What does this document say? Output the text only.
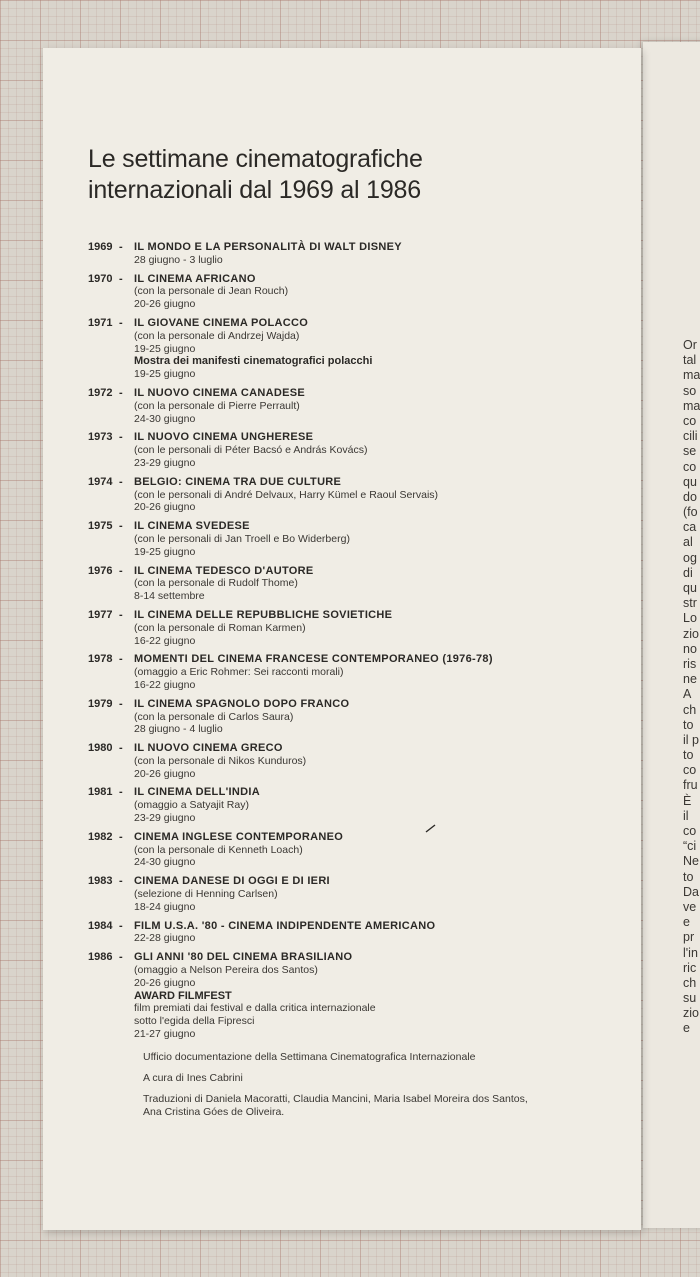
Or
tal
ma
so
ma
co
cili
se
co
qu
do
(fo
ca
al
og
di
qu
str
Lo
zio
no
ris
ne
A
ch
to
il p
to
co
fru
È
il
co
“ci
Ne
to
Da
ve
e
pr
l'in
ric
ch
su
zio
e
Le settimane cinematografiche
internazionali dal 1969 al 1986
1969 -	IL MONDO E LA PERSONALITÀ DI WALT DISNEY
28 giugno - 3 luglio
1970 -	IL CINEMA AFRICANO
(con la personale di Jean Rouch)
20-26 giugno
1971 -	IL GIOVANE CINEMA POLACCO
(con la personale di Andrzej Wajda)
19-25 giugno
Mostra dei manifesti cinematografici polacchi
19-25 giugno
1972 -	IL NUOVO CINEMA CANADESE
(con la personale di Pierre Perrault)
24-30 giugno
1973 -	IL NUOVO CINEMA UNGHERESE
(con le personali di Péter Bacsó e András Kovács)
23-29 giugno
1974 -	BELGIO: CINEMA TRA DUE CULTURE
(con le personali di André Delvaux, Harry Kümel e Raoul Servais)
20-26 giugno
1975 -	IL CINEMA SVEDESE
(con le personali di Jan Troell e Bo Widerberg)
19-25 giugno
1976 -	IL CINEMA TEDESCO D'AUTORE
(con la personale di Rudolf Thome)
8-14 settembre
1977 -	IL CINEMA DELLE REPUBBLICHE SOVIETICHE
(con la personale di Roman Karmen)
16-22 giugno
1978 -	MOMENTI DEL CINEMA FRANCESE CONTEMPORANEO (1976-78)
(omaggio a Eric Rohmer: Sei racconti morali)
16-22 giugno
1979 -	IL CINEMA SPAGNOLO DOPO FRANCO
(con la personale di Carlos Saura)
28 giugno - 4 luglio
1980 -	IL NUOVO CINEMA GRECO
(con la personale di Nikos Kunduros)
20-26 giugno
1981 -	IL CINEMA DELL'INDIA
(omaggio a Satyajit Ray)
23-29 giugno
1982 -	CINEMA INGLESE CONTEMPORANEO
(con la personale di Kenneth Loach)
24-30 giugno
1983 -	CINEMA DANESE DI OGGI E DI IERI
(selezione di Henning Carlsen)
18-24 giugno
1984 -	FILM U.S.A. '80 - CINEMA INDIPENDENTE AMERICANO
22-28 giugno
1986 -	GLI ANNI '80 DEL CINEMA BRASILIANO
(omaggio a Nelson Pereira dos Santos)
20-26 giugno
AWARD FILMFEST
film premiati dai festival e dalla critica internazionale
sotto l'egida della Fipresci
21-27 giugno

Ufficio documentazione della Settimana Cinematografica Internazionale

A cura di Ines Cabrini

Traduzioni di Daniela Macoratti, Claudia Mancini, Maria Isabel Moreira dos Santos,
Ana Cristina Góes de Oliveira.
